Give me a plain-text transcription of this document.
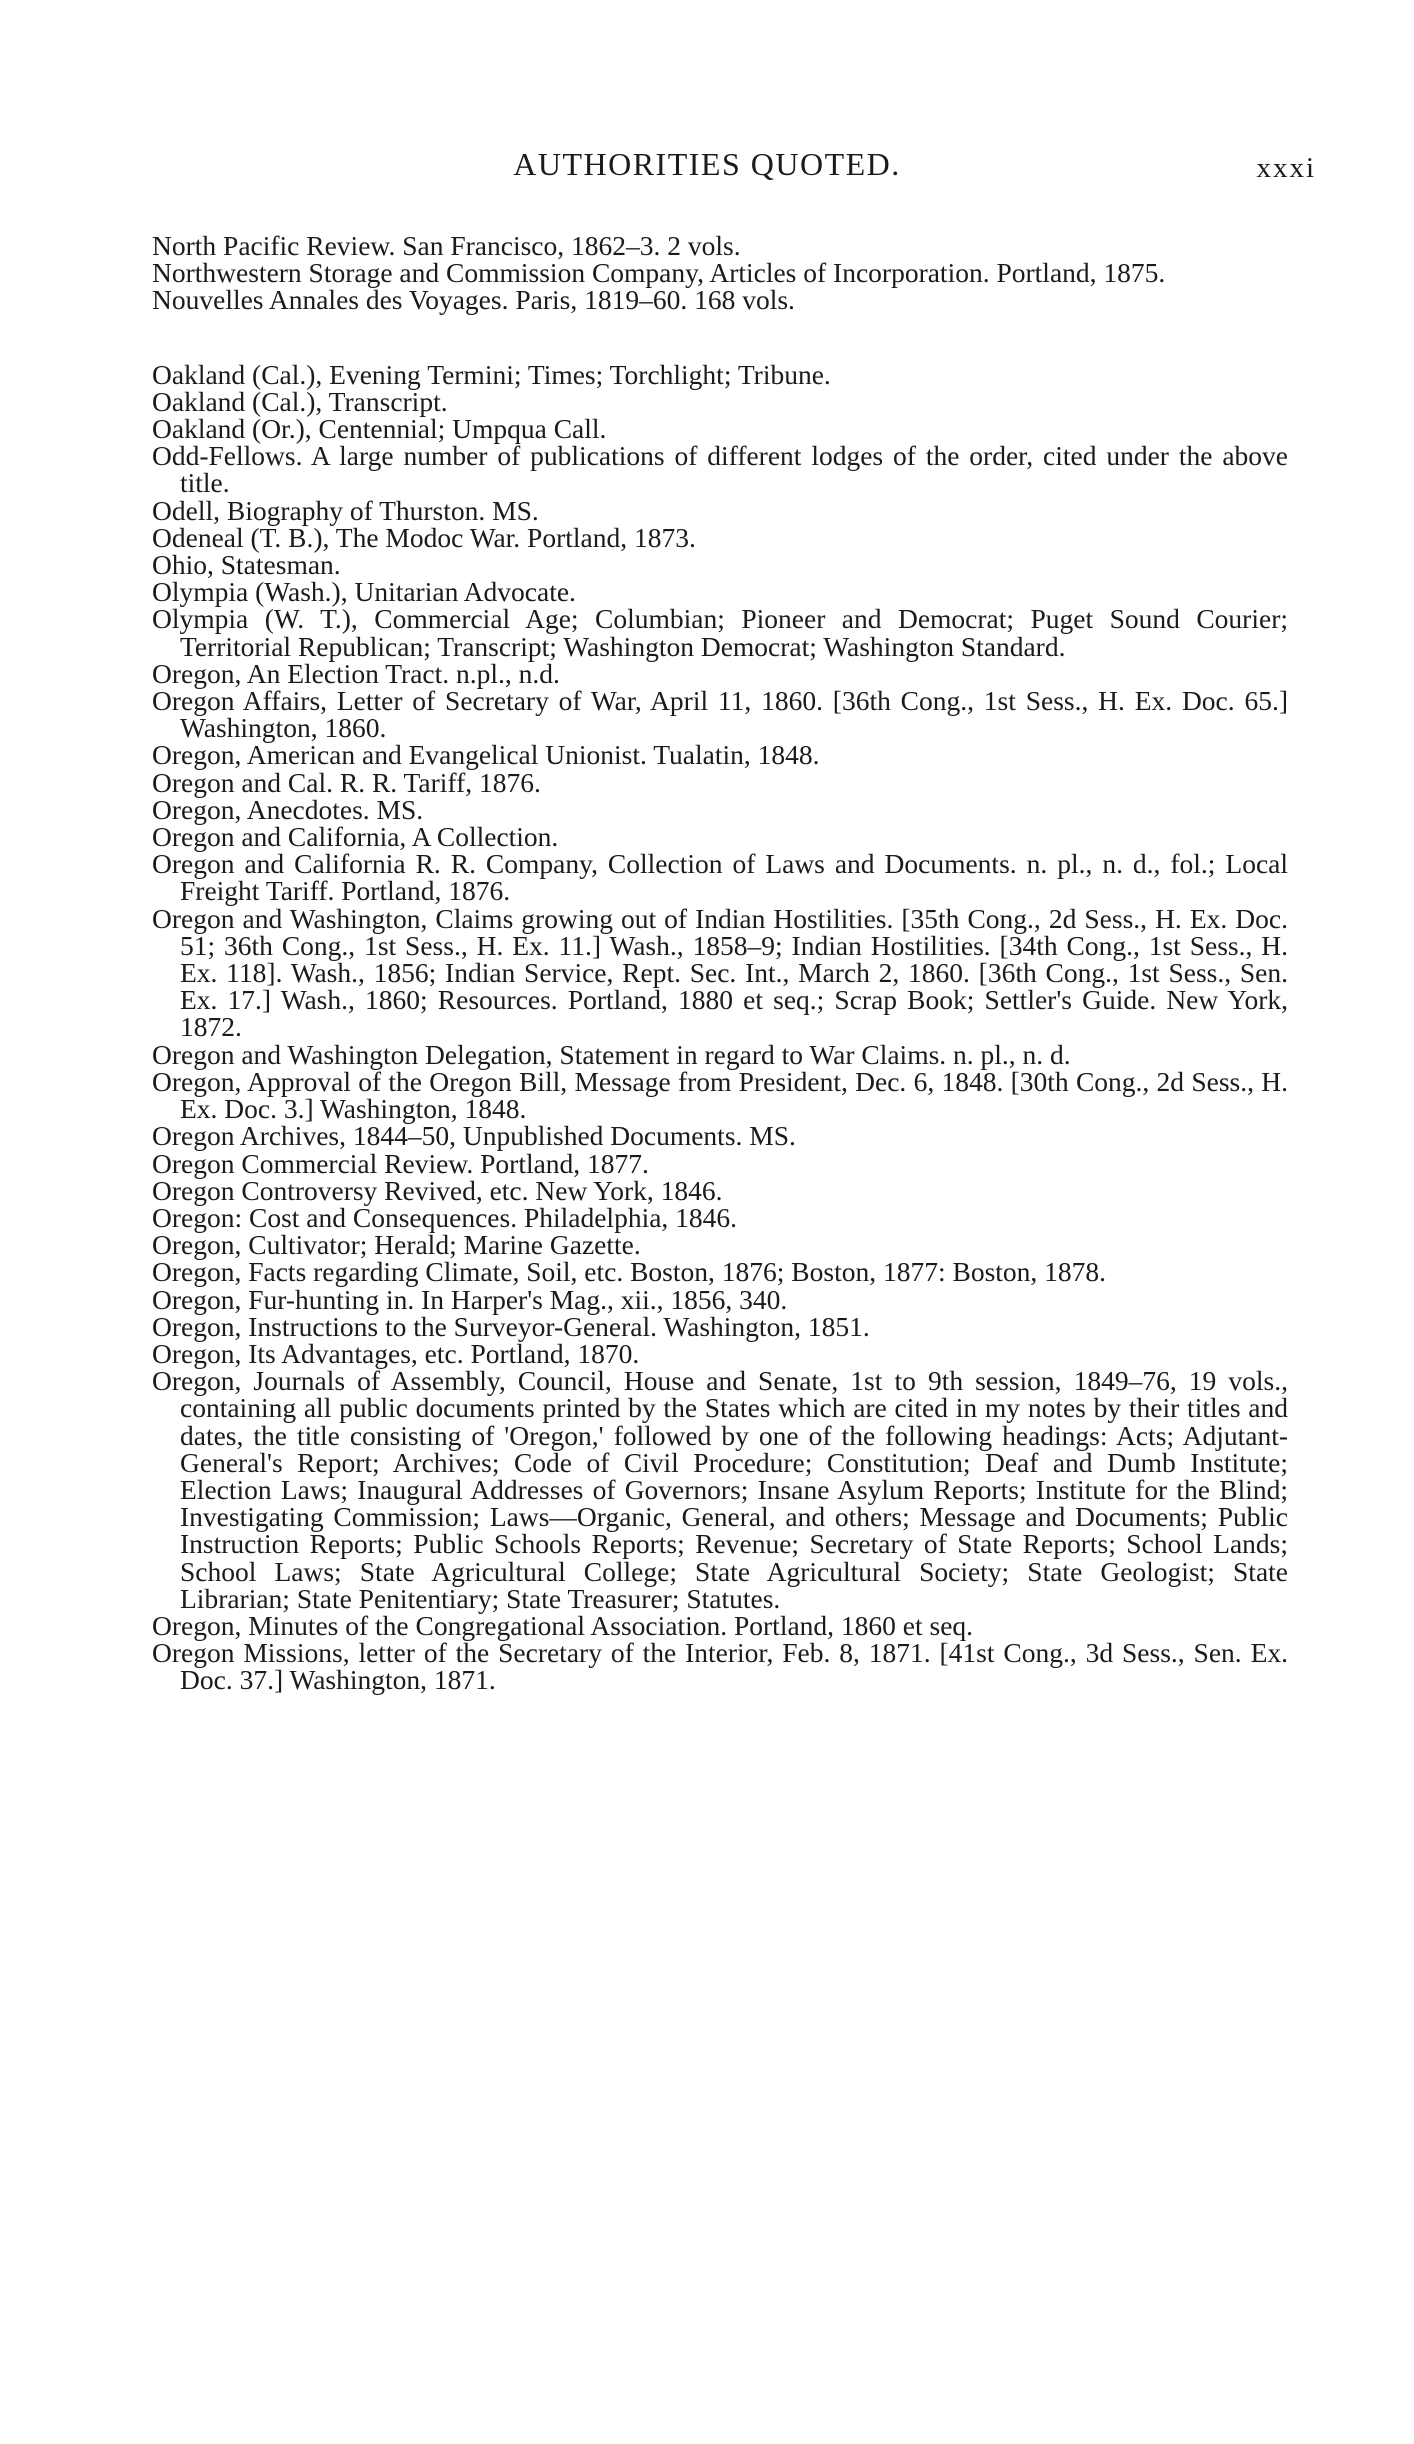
AUTHORITIES QUOTED.	xxxi

North Pacific Review. San Francisco, 1862–3. 2 vols.

Northwestern Storage and Commission Company, Articles of Incorporation. Portland, 1875.

Nouvelles Annales des Voyages. Paris, 1819–60. 168 vols.

Oakland (Cal.), Evening Termini; Times; Torchlight; Tribune.

Oakland (Cal.), Transcript.

Oakland (Or.), Centennial; Umpqua Call.

Odd-Fellows. A large number of publications of different lodges of the order, cited under the above title.

Odell, Biography of Thurston. MS.

Odeneal (T. B.), The Modoc War. Portland, 1873.

Ohio, Statesman.

Olympia (Wash.), Unitarian Advocate.

Olympia (W. T.), Commercial Age; Columbian; Pioneer and Democrat; Puget Sound Courier; Territorial Republican; Transcript; Washington Democrat; Washington Standard.

Oregon, An Election Tract. n.pl., n.d.

Oregon Affairs, Letter of Secretary of War, April 11, 1860. [36th Cong., 1st Sess., H. Ex. Doc. 65.] Washington, 1860.

Oregon, American and Evangelical Unionist. Tualatin, 1848.

Oregon and Cal. R. R. Tariff, 1876.

Oregon, Anecdotes. MS.

Oregon and California, A Collection.

Oregon and California R. R. Company, Collection of Laws and Documents. n. pl., n. d., fol.; Local Freight Tariff. Portland, 1876.

Oregon and Washington, Claims growing out of Indian Hostilities. [35th Cong., 2d Sess., H. Ex. Doc. 51; 36th Cong., 1st Sess., H. Ex. 11.] Wash., 1858–9; Indian Hostilities. [34th Cong., 1st Sess., H. Ex. 118]. Wash., 1856; Indian Service, Rept. Sec. Int., March 2, 1860. [36th Cong., 1st Sess., Sen. Ex. 17.] Wash., 1860; Resources. Portland, 1880 et seq.; Scrap Book; Settler's Guide. New York, 1872.

Oregon and Washington Delegation, Statement in regard to War Claims. n. pl., n. d.

Oregon, Approval of the Oregon Bill, Message from President, Dec. 6, 1848. [30th Cong., 2d Sess., H. Ex. Doc. 3.] Washington, 1848.

Oregon Archives, 1844–50, Unpublished Documents. MS.

Oregon Commercial Review. Portland, 1877.

Oregon Controversy Revived, etc. New York, 1846.

Oregon: Cost and Consequences. Philadelphia, 1846.

Oregon, Cultivator; Herald; Marine Gazette.

Oregon, Facts regarding Climate, Soil, etc. Boston, 1876; Boston, 1877: Boston, 1878.

Oregon, Fur-hunting in. In Harper's Mag., xii., 1856, 340.

Oregon, Instructions to the Surveyor-General. Washington, 1851.

Oregon, Its Advantages, etc. Portland, 1870.

Oregon, Journals of Assembly, Council, House and Senate, 1st to 9th session, 1849–76, 19 vols., containing all public documents printed by the States which are cited in my notes by their titles and dates, the title consisting of 'Oregon,' followed by one of the following headings: Acts; Adjutant-General's Report; Archives; Code of Civil Procedure; Constitution; Deaf and Dumb Institute; Election Laws; Inaugural Addresses of Governors; Insane Asylum Reports; Institute for the Blind; Investigating Commission; Laws—Organic, General, and others; Message and Documents; Public Instruction Reports; Public Schools Reports; Revenue; Secretary of State Reports; School Lands; School Laws; State Agricultural College; State Agricultural Society; State Geologist; State Librarian; State Penitentiary; State Treasurer; Statutes.

Oregon, Minutes of the Congregational Association. Portland, 1860 et seq.

Oregon Missions, letter of the Secretary of the Interior, Feb. 8, 1871. [41st Cong., 3d Sess., Sen. Ex. Doc. 37.] Washington, 1871.
